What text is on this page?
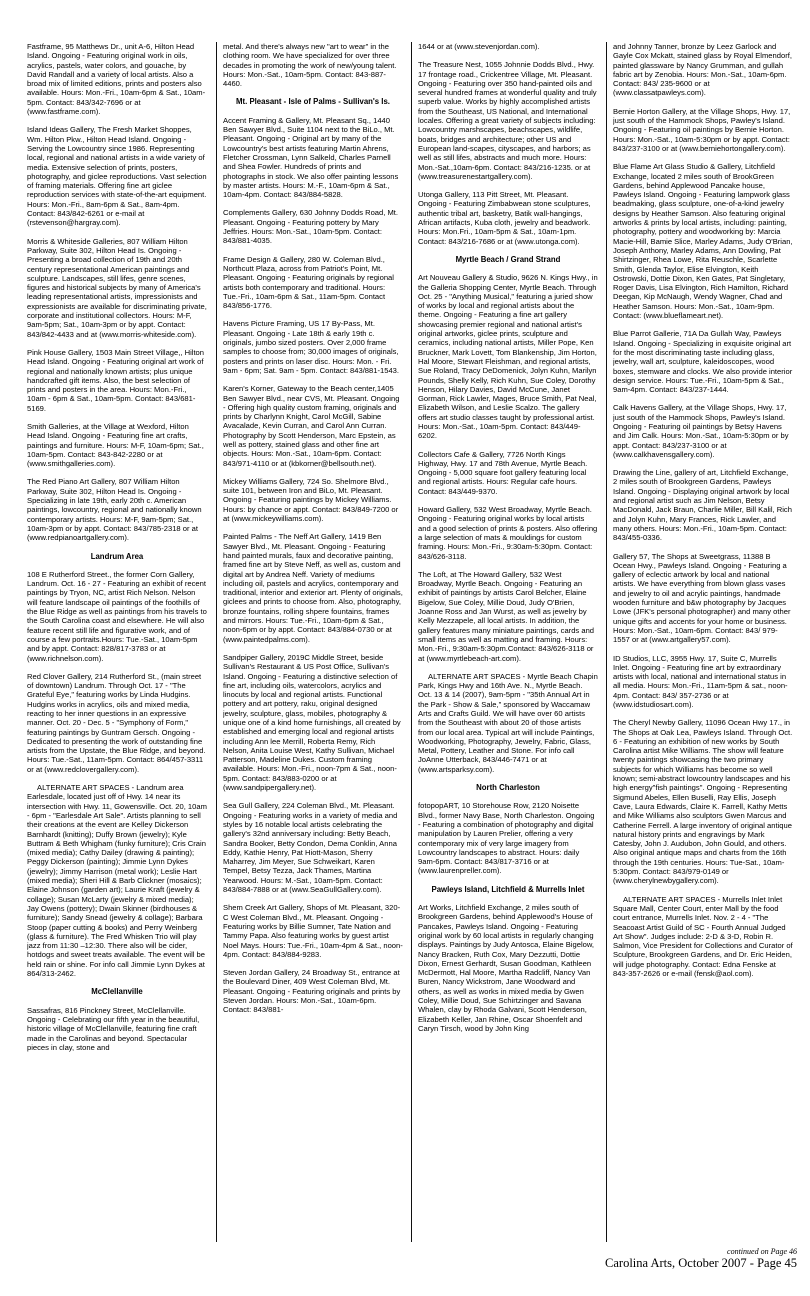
Fastframe, 95 Matthews Dr., unit A-6, Hilton Head Island. Ongoing - Featuring original work in oils, acrylics, pastels, water colors, and gouache, by David Randall and a variety of local artists. Also a broad mix of limited editions, prints and posters also available. Hours: Mon.-Fri., 10am-6pm & Sat., 10am-5pm. Contact: 843/342-7696 or at (www.fastframe.com).

Island Ideas Gallery, The Fresh Market Shoppes, Wm. Hilton Pkw., Hilton Head Island. Ongoing - Serving the Lowcountry since 1986. Representing local, regional and national artists in a wide variety of media. Extensive selection of prints, posters, photography, and giclee reproductions. Vast selection of framing materials. Offering fine art giclee reproduction services with state-of-the-art equipment. Hours: Mon.-Fri., 8am-6pm & Sat., 8am-4pm. Contact: 843/842-6261 or e-mail at (rstevenson@hargray.com).

Morris & Whiteside Galleries, 807 William Hilton Parkway, Suite 302, Hilton Head Is. Ongoing - Presenting a broad collection of 19th and 20th century representational American paintings and sculpture. Landscapes, still lifes, genre scenes, figures and historical subjects by many of America's leading representational artists, impressionists and expressionists are available for discriminating private, corporate and institutional collectors. Hours: M-F, 9am-5pm; Sat., 10am-3pm or by appt. Contact: 843/842-4433 and at (www.morris-whiteside.com).

Pink House Gallery, 1503 Main Street Village,, Hilton Head Island. Ongoing - Featuring original art work of regional and nationally known artists; plus unique handcrafted gift items. Also, the best selection of prints and posters in the area. Hours: Mon.-Fri., 10am - 6pm & Sat., 10am-5pm. Contact: 843/681-5169.

Smith Galleries, at the Village at Wexford, Hilton Head Island. Ongoing - Featuring fine art crafts, paintings and furniture. Hours: M-F, 10am-6pm; Sat., 10am-5pm. Contact: 843-842-2280 or at (www.smithgalleries.com).

The Red Piano Art Gallery, 807 William Hilton Parkway, Suite 302, Hilton Head Is. Ongoing - Specializing in late 19th, early 20th c. American paintings, lowcountry, regional and nationally known contemporary artists. Hours: M-F, 9am-5pm; Sat., 10am-3pm or by appt. Contact: 843/785-2318 or at (www.redpianoartgallery.com).

Landrum Area

108 E Rutherford Street., the former Corn Gallery, Landrum. Oct. 16 - 27 - Featuring an exhibit of recent paintings by Tryon, NC, artist Rich Nelson. Nelson will feature landscape oil paintings of the foothills of the Blue Ridge as well as paintings from his travels to the South Carolina coast and elsewhere. He will also feature recent still life and figurative work, and of course a few portraits.Hours: Tue.-Sat., 10am-5pm and by appt. Contact: 828/817-3783 or at (www.richnelson.com).

Red Clover Gallery, 214 Rutherford St., (main street of downtown) Landrum. Through Oct. 17 - "The Grateful Eye," featuring works by Linda Hudgins. Hudgins works in acrylics, oils and mixed media, reacting to her inner questions in an expressive manner. Oct. 20 - Dec. 5 - "Symphony of Form," featuring paintings by Guntram Gersch. Ongoing - Dedicated to presenting the work of outstanding fine artists from the Upstate, the Blue Ridge, and beyond. Hours: Tue.-Sat., 11am-5pm. Contact: 864/457-3311 or at (www.redclovergallery.com).

ALTERNATE ART SPACES - Landrum area Earlesdale, located just off of Hwy. 14 near its intersection with Hwy. 11, Gowensville. Oct. 20, 10am - 6pm - "Earlesdale Art Sale". Artists planning to sell their creations at the event are Kelley Dickerson Barnhardt (knitting); Duffy Brown (jewelry); Kyle Buttram & Beth Whigham (funky furniture); Cris Crain (mixed media); Cathy Dailey (drawing & painting); Peggy Dickerson (painting); Jimmie Lynn Dykes (jewelry); Jimmy Harrison (metal work); Leslie Hart (mixed media); Sheri Hill & Barb Clickner (mosaics); Elaine Johnson (garden art); Laurie Kraft (jewelry & collage); Susan McLarty (jewelry & mixed media); Jay Owens (pottery); Dwain Skinner (birdhouses & furniture); Sandy Snead (jewelry & collage); Barbara Stoop (paper cutting & books) and Perry Weinberg (glass & furniture). The Fred Whisken Trio will play jazz from 11:30 –12:30. There also will be cider, hotdogs and sweet treats available. The event will be held rain or shine. For info call Jimmie Lynn Dykes at 864/313-2462.

McClellanville

Sassafras, 816 Pinckney Street, McClellanville. Ongoing - Celebrating our fifth year in the beautiful, historic village of McClellanville, featuring fine craft made in the Carolinas and beyond. Spectacular pieces in clay, stone and

metal. And there's always new "art to wear" in the clothing room. We have specialized for over three decades in promoting the work of new/young talent. Hours: Mon.-Sat., 10am-5pm. Contact: 843-887-4460.

Mt. Pleasant - Isle of Palms - Sullivan's Is.

Accent Framing & Gallery, Mt. Pleasant Sq., 1440 Ben Sawyer Blvd., Suite 1104 next to the BiLo., Mt. Pleasant. Ongoing - Original art by many of the Lowcountry's best artists featuring Martin Ahrens, Fletcher Crossman, Lynn Salkeld, Charles Parnell and Shea Fowler. Hundreds of prints and photographs in stock. We also offer painting lessons by master artists. Hours: M.-F., 10am-6pm & Sat., 10am-4pm. Contact: 843/884-5828.

Complements Gallery, 630 Johnny Dodds Road, Mt. Pleasant. Ongoing - Featuring pottery by Mary Jeffries. Hours: Mon.-Sat., 10am-5pm. Contact: 843/881-4035.

Frame Design & Gallery, 280 W. Coleman Blvd., Northcutt Plaza, across from Patriot's Point, Mt. Pleasant. Ongoing - Featuring originals by regional artists both contemporary and traditional. Hours: Tue.-Fri., 10am-6pm & Sat., 11am-5pm. Contact 843/856-1776.

Havens Picture Framing, US 17 By-Pass, Mt. Pleasant. Ongoing - Late 18th & early 19th c. originals, jumbo sized posters. Over 2,000 frame samples to choose from; 30,000 images of originals, posters and prints on laser disc. Hours: Mon. - Fri. 9am - 6pm; Sat. 9am - 5pm. Contact: 843/881-1543.

Karen's Korner, Gateway to the Beach center,1405 Ben Sawyer Blvd., near CVS, Mt. Pleasant. Ongoing - Offering high quality custom framing, originals and prints by Charlynn Knight, Carol McGill, Sabine Avacalade, Kevin Curran, and Carol Ann Curran. Photography by Scott Henderson, Marc Epstein, as well as pottery, stained glass and other fine art objects. Hours: Mon.-Sat., 10am-6pm. Contact: 843/971-4110 or at (kbkorner@bellsouth.net).

Mickey Williams Gallery, 724 So. Shelmore Blvd., suite 101, between Iron and BiLo, Mt. Pleasant. Ongoing - Featuring paintings by Mickey Williams. Hours: by chance or appt. Contact: 843/849-7200 or at (www.mickeywilliams.com).

Painted Palms - The Neff Art Gallery, 1419 Ben Sawyer Blvd., Mt. Pleasant. Ongoing - Featuring hand painted murals, faux and decorative painting, framed fine art by Steve Neff, as well as, custom and digital art by Andrea Neff. Variety of mediums including oil, pastels and acrylics, contemporary and traditional, interior and exterior art. Plenty of originals, giclees and prints to choose from. Also, photography, bronze fountains, rolling shpere fountains, frames and mirrors. Hours: Tue.-Fri., 10am-6pm & Sat., noon-6pm or by appt. Contact: 843/884-0730 or at (www.paintedpalms.com).

Sandpiper Gallery, 2019C Middle Street, beside Sullivan's Restaurant & US Post Office, Sullivan's Island. Ongoing - Featuring a distinctive selection of fine art, including oils, watercolors, acrylics and linocuts by local and regional artists. Functional pottery and art pottery, raku, original designed jewelry, sculpture, glass, mobiles, photography & unique one of a kind home furnishings, all created by established and emerging local and regional artists including Ann lee Merrill, Roberta Remy, Rich Nelson, Anita Louise West, Kathy Sullivan, Michael Patterson, Madeline Dukes. Custom framing available. Hours: Mon.-Fri., noon-7pm & Sat., noon-5pm. Contact: 843/883-0200 or at (www.sandpipergallery.net).

Sea Gull Gallery, 224 Coleman Blvd., Mt. Pleasant. Ongoing - Featuring works in a variety of media and styles by 16 notable local artists celebrating the gallery's 32nd anniversary including: Betty Beach, Sandra Booker, Betty Condon, Dema Conklin, Anna Eddy, Kathie Henry, Pat Hiott-Mason, Sherry Maharrey, Jim Meyer, Sue Schweikart, Karen Tempel, Betsy Tezza, Jack Thames, Martina Yearwood. Hours: M.-Sat., 10am-5pm. Contact: 843/884-7888 or at (www.SeaGullGallery.com).

Shem Creek Art Gallery, Shops of Mt. Pleasant, 320-C West Coleman Blvd., Mt. Pleasant. Ongoing - Featuring works by Billie Sumner, Tate Nation and Tammy Papa. Also featuring works by guest artist Noel Mays. Hours: Tue.-Fri., 10am-4pm & Sat., noon-4pm. Contact: 843/884-9283.

Steven Jordan Gallery, 24 Broadway St., entrance at the Boulevard Diner, 409 West Coleman Blvd, Mt. Pleasant. Ongoing - Featuring originals and prints by Steven Jordan. Hours: Mon.-Sat., 10am-6pm. Contact: 843/881-

1644 or at (www.stevenjordan.com).

The Treasure Nest, 1055 Johnnie Dodds Blvd., Hwy. 17 frontage road., Crickentree Village, Mt. Pleasant. Ongoing - Featuring over 350 hand-painted oils and several hundred frames at wonderful quality and truly superb value. Works by highly accomplished artists from the Southeast, US National, and International locales. Offering a great variety of subjects including: Lowcountry marshscapes, beachscapes, wildlife, boats, bridges and architecture; other US and European land-scapes, cityscapes, and harbors; as well as still lifes, abstracts and much more. Hours: Mon.-Sat.,10am-6pm. Contact: 843/216-1235. or at (www.treasurenestartgallery.com).

Utonga Gallery, 113 Pitt Street, Mt. Pleasant. Ongoing - Featuring Zimbabwean stone sculptures, authentic tribal art, basketry, Batik wall-hangings, African artifacts, Kuba cloth, jewelry and beadwork. Hours: Mon.Fri., 10am-5pm & Sat., 10am-1pm. Contact: 843/216-7686 or at (www.utonga.com).

Myrtle Beach / Grand Strand

Art Nouveau Gallery & Studio, 9626 N. Kings Hwy., in the Galleria Shopping Center, Myrtle Beach. Through Oct. 25 - "Anything Musical," featuring a juried show of works by local and regional artists about the theme. Ongoing - Featuring a fine art gallery showcasing premier regional and national artist's original artworks, giclee prints, sculpture and ceramics, including national artists, Miller Pope, Ken Bruckner, Mark Lovett, Tom Blankenship, Jim Horton, Hal Moore, Stewart Fleishman, and regional artists, Sue Roland, Tracy DeDomenick, Jolyn Kuhn, Marilyn Pounds, Shelly Kelly, Rich Kuhn, Sue Coley, Dorothy Henson, Hilary Davies, David McCune, Janet Gorman, Rick Lawler, Mages, Bruce Smith, Pat Neal, Elizabeth Wilson, and Leslie Scalzo. The gallery offers art studio classes taught by professional artist. Hours: Mon.-Sat., 10am-5pm. Contact: 843/449-6202.

Collectors Cafe & Gallery, 7726 North Kings Highway, Hwy. 17 and 78th Avenue, Myrtle Beach. Ongoing - 5,000 square foot gallery featuring local and regional artists. Hours: Regular cafe hours. Contact: 843/449-9370.

Howard Gallery, 532 West Broadway, Myrtle Beach. Ongoing - Featuring original works by local artists and a good selection of prints & posters. Also offering a large selection of mats & mouldings for custom framing. Hours: Mon.-Fri., 9:30am-5:30pm. Contact: 843/626-3118.

The Loft, at The Howard Gallery, 532 West Broadway, Myrtle Beach. Ongoing - Featuring an exhibit of paintings by artists Carol Belcher, Elaine Bigelow, Sue Coley, Millie Doud, Judy O'Brien, Joanne Ross and Jan Wurst, as well as jewelry by Kelly Mezzapele, all local artists. In addition, the gallery features many miniature paintings, cards and small items as well as matting and framing. Hours: Mon.-Fri., 9:30am-5:30pm.Contact: 843/626-3118 or at (www.myrtlebeach-art.com).

ALTERNATE ART SPACES - Myrtle Beach Chapin Park, Kings Hwy and 16th Ave. N., Myrtle Beach. Oct. 13 & 14 (2007), 9am-5pm - "35th Annual Art in the Park - Show & Sale," sponsored by Waccamaw Arts and Crafts Guild. We will have over 60 artists from the Southeast with about 20 of those artists from our local area. Typical art will include Paintings, Woodworking, Photography, Jewelry, Fabric, Glass, Metal, Pottery, Leather and Stone. For info call JoAnne Utterback, 843/446-7471 or at (www.artsparksy.com).

North Charleston

fotopopART, 10 Storehouse Row, 2120 Noisette Blvd., former Navy Base, North Charleston. Ongoing - Featuring a combination of photography and digital manipulation by Lauren Prelier, offering a very contemporary mix of very large imagery from Lowcountry landscapes to abstract. Hours: daily 9am-6pm. Contact: 843/817-3716 or at (www.laurenpreller.com).

Pawleys Island, Litchfield & Murrells Inlet

Art Works, Litchfield Exchange, 2 miles south of Brookgreen Gardens, behind Applewood's House of Pancakes, Pawleys Island. Ongoing - Featuring original work by 60 local artists in regularly changing displays. Paintings by Judy Antosca, Elaine Bigelow, Nancy Bracken, Ruth Cox, Mary Dezzutti, Dottie Dixon, Ernest Gerhardt, Susan Goodman, Kathleen McDermott, Hal Moore, Martha Radcliff, Nancy Van Buren, Nancy Wickstrom, Jane Woodward and others, as well as works in mixed media by Gwen Coley, Millie Doud, Sue Schirtzinger and Savana Whalen, clay by Rhoda Galvani, Scott Henderson, Elizabeth Keller, Jan Rhine, Oscar Shoenfelt and Caryn Tirsch, wood by John King

and Johnny Tanner, bronze by Leez Garlock and Gayle Cox Mckatt, stained glass by Royal Elmendorf, painted glassware by Nancy Grumman, and gullah fabric art by Zenobia. Hours: Mon.-Sat., 10am-6pm. Contact: 843/ 235-9600 or at (www.classatpawleys.com).

Bernie Horton Gallery, at the Village Shops, Hwy. 17, just south of the Hammock Shops, Pawley's Island. Ongoing - Featuring oil paintings by Bernie Horton. Hours: Mon.-Sat., 10am-5:30pm or by appt. Contact: 843/237-3100 or at (www.berniehortongallery.com).

Blue Flame Art Glass Studio & Gallery, Litchfield Exchange, located 2 miles south of BrookGreen Gardens, behind Applewood Pancake house, Pawleys Island. Ongoing - Featuring lampwork glass beadmaking, glass sculpture, one-of-a-kind jewelry designs by Heather Samson. Also featuring original artworks & prints by local artists, including: painting, photography, pottery and woodworking by: Marcia Macie-Hill, Bamie Slice, Marley Adams, Judy O'Brian, Joseph Anthony, Marley Adams, Ann Dowling, Pat Shirtzinger, Rhea Lowe, Rita Reuschle, Scarlette Smith, Glenda Taylor, Elise Elvington, Keith Ostrowski, Dottie Dixon, Ken Gates, Pat Singletary, Roger Davis, Lisa Elvington, Rich Hamilton, Richard Deegan, Kip McNaugh, Wendy Wagner, Chad and Heather Samson. Hours: Mon.-Sat., 10am-9pm. Contact: (www.blueflameart.net).

Blue Parrot Gallerie, 71A Da Gullah Way, Pawleys Island. Ongoing - Specializing in exquisite original art for the most discriminating taste including glass, jewelry, wall art, sculpture, kaleidoscopes, wood boxes, stemware and clocks. We also provide interior design service. Hours: Tue.-Fri., 10am-5pm & Sat., 9am-4pm. Contact: 843/237-1444.

Calk Havens Gallery, at the Village Shops, Hwy. 17, just south of the Hammock Shops, Pawley's Island. Ongoing - Featuring oil paintings by Betsy Havens and Jim Calk. Hours: Mon.-Sat., 10am-5:30pm or by appt. Contact: 843/237-3100 or at (www.calkhavensgallery.com).

Drawing the Line, gallery of art, Litchfield Exchange, 2 miles south of Brookgreen Gardens, Pawleys Island. Ongoing - Displaying original artwork by local and regional artist such as Jim Nelson, Betsy MacDonald, Jack Braun, Charlie Miller, Bill Kalil, Rich and Jolyn Kuhn, Mary Frances, Rick Lawler, and many others. Hours: Mon.-Fri., 10am-5pm. Contact: 843/455-0336.

Gallery 57, The Shops at Sweetgrass, 11388 B Ocean Hwy., Pawleys Island. Ongoing - Featuring a gallery of eclectic artwork by local and national artists. We have everything from blown glass vases and jewelry to oil and acrylic paintings, handmade wooden furniture and b&w photography by Jacques Lowe (JFK's personal photographer) and many other unique gifts and accents for your home or business. Hours: Mon.-Sat., 10am-6pm. Contact: 843/ 979-1557 or at (www.artgallery57.com).

ID Studios, LLC, 3955 Hwy. 17, Suite C, Murrells Inlet. Ongoing - Featuring fine art by extraordinary artists with local, national and international status in all media. Hours: Mon.-Fri., 11am-5pm & sat., noon-4pm. Contact: 843/ 357-2736 or at (www.idstudiosart.com).

The Cheryl Newby Gallery, 11096 Ocean Hwy 17., in The Shops at Oak Lea, Pawleys Island. Through Oct. 6 - Featuring an exhibition of new works by South Carolina artist Mike Williams. The show will feature twenty paintings showcasing the two primary subjects for which Williams has become so well known; semi-abstract lowcountry landscapes and his high energy"fish paintings". Ongoing - Representing Sigmund Abeles, Ellen Buselli, Ray Ellis, Joseph Cave, Laura Edwards, Claire K. Farrell, Kathy Metts and Mike Williams also sculptors Gwen Marcus and Catherine Ferrell. A large inventory of original antique natural history prints and engravings by Mark Catesby, John J. Audubon, John Gould, and others. Also original antique maps and charts from the 16th through the 19th centuries. Hours: Tue-Sat., 10am-5:30pm. Contact: 843/979-0149 or (www.cherylnewbygallery.com).

ALTERNATE ART SPACES - Murrells Inlet Inlet Square Mall, Center Court, enter Mall by the food court entrance, Murrells Inlet. Nov. 2 - 4 - "The Seacoast Artist Guild of SC - Fourth Annual Judged Art Show". Judges include: 2-D & 3-D, Robin R. Salmon, Vice President for Collections and Curator of Sculpture, Brookgreen Gardens, and Dr. Eric Heiden, will judge photography. Contact: Edna Fenske at 843-357-2626 or e-mail (fensk@aol.com).

continued on Page 46
Carolina Arts, October 2007 - Page 45
